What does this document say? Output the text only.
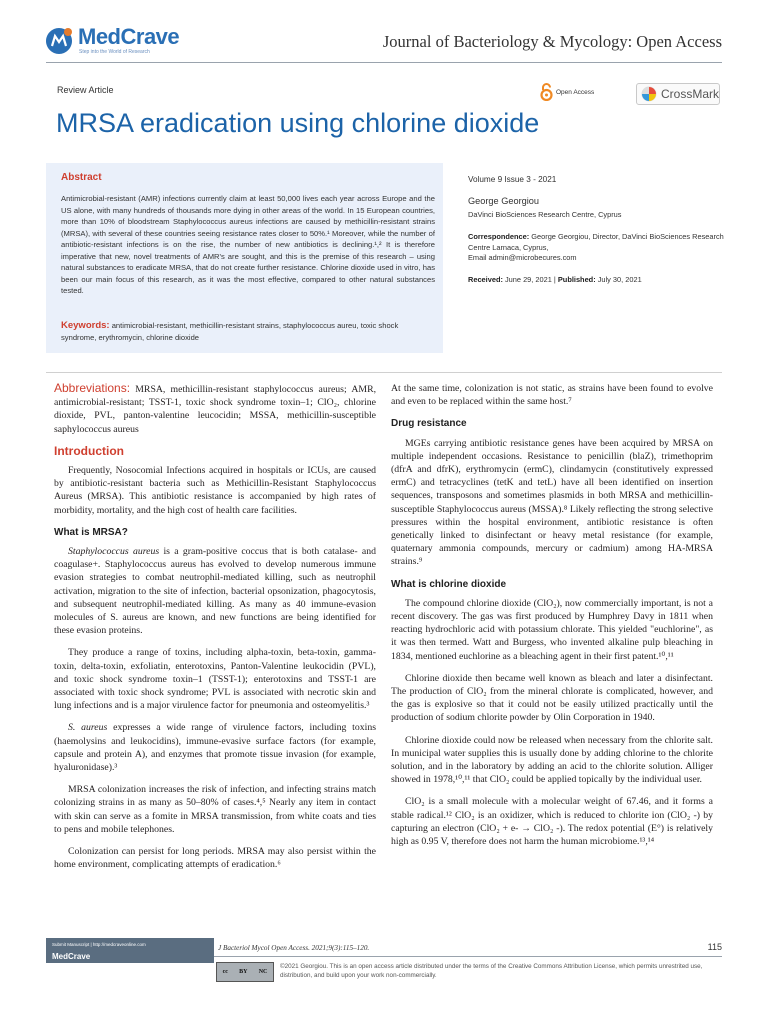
MedCrave
Step into the World of Research
Journal of Bacteriology & Mycology: Open Access
Review Article	Open Access	CrossMark
MRSA eradication using chlorine dioxide
Abstract
Antimicrobial-resistant (AMR) infections currently claim at least 50,000 lives each year across Europe and the US alone, with many hundreds of thousands more dying in other areas of the world. In 15 European countries, more than 10% of bloodstream Staphylococcus aureus infections are caused by methicillin-resistant strains (MRSA), with several of these countries seeing resistance rates closer to 50%.¹ Moreover, while the number of antibiotic-resistant infections is on the rise, the number of new antibiotics is declining.¹,² It is therefore imperative that new, novel treatments of AMR's are sought, and this is the premise of this research – using natural substances to eradicate MRSA, that do not create further resistance. Chlorine dioxide used in vitro, has been our main focus of this research, as it was the most effective, compared to other natural substances tested.
Keywords: antimicrobial-resistant, methicillin-resistant strains, staphylococcus aureu, toxic shock syndrome, erythromycin, chlorine dioxide
Volume 9 Issue 3 - 2021
George Georgiou
DaVinci BioSciences Research Centre, Cyprus
Correspondence: George Georgiou, Director, DaVinci BioSciences Research Centre Larnaca, Cyprus,
Email admin@microbecures.com
Received: June 29, 2021 | Published: July 30, 2021

Abbreviations: MRSA, methicillin-resistant staphylococcus aureus; AMR, antimicrobial-resistant; TSST-1, toxic shock syndrome toxin–1; ClO₂, chlorine dioxide, PVL, panton-valentine leucocidin; MSSA, methicillin-susceptible saphylococcus aureus

Introduction

Frequently, Nosocomial Infections acquired in hospitals or ICUs, are caused by antibiotic-resistant bacteria such as Methicillin-Resistant Staphylococcus Aureus (MRSA). This antibiotic resistance is accompanied by high rates of morbidity, mortality, and the high cost of health care facilities.

What is MRSA?

Staphylococcus aureus is a gram-positive coccus that is both catalase- and coagulase+. Staphylococcus aureus has evolved to develop numerous immune evasion strategies to combat neutrophil-mediated killing, such as neutrophil activation, migration to the site of infection, bacterial opsonization, phagocytosis, and subsequent neutrophil-mediated killing. As many as 40 immune-evasion molecules of S. aureus are known, and new functions are being identified for these evasion proteins.

They produce a range of toxins, including alpha-toxin, beta-toxin, gamma-toxin, delta-toxin, exfoliatin, enterotoxins, Panton-Valentine leukocidin (PVL), and toxic shock syndrome toxin–1 (TSST-1); enterotoxins and TSST-1 are associated with toxic shock syndrome; PVL is associated with necrotic skin and lung infections and is a major virulence factor for pneumonia and osteomyelitis.³

S. aureus expresses a wide range of virulence factors, including toxins (haemolysins and leukocidins), immune-evasive surface factors (for example, capsule and protein A), and enzymes that promote tissue invasion (for example, hyaluronidase).³

MRSA colonization increases the risk of infection, and infecting strains match colonizing strains in as many as 50–80% of cases.⁴,⁵ Nearly any item in contact with skin can serve as a fomite in MRSA transmission, from white coats and ties to pens and mobile telephones.

Colonization can persist for long periods. MRSA may also persist within the home environment, complicating attempts of eradication.⁶

At the same time, colonization is not static, as strains have been found to evolve and even to be replaced within the same host.⁷

Drug resistance

MGEs carrying antibiotic resistance genes have been acquired by MRSA on multiple independent occasions. Resistance to penicillin (blaZ), trimethoprim (dfrA and dfrK), erythromycin (ermC), clindamycin (constitutively expressed ermC) and tetracyclines (tetK and tetL) have all been identified on insertion sequences, transposons and sometimes plasmids in both MRSA and methicillin-susceptible Staphylococcus aureus (MSSA).⁸ Likely reflecting the strong selective pressures within the hospital environment, antibiotic resistance is often genetically linked to disinfectant or heavy metal resistance (for example, quaternary ammonia compounds, mercury or cadmium) among HA-MRSA strains.⁹

What is chlorine dioxide

The compound chlorine dioxide (ClO₂), now commercially important, is not a recent discovery. The gas was first produced by Humphrey Davy in 1811 when reacting hydrochloric acid with potassium chlorate. This yielded "euchlorine", as it was then termed. Watt and Burgess, who invented alkaline pulp bleaching in 1834, mentioned euchlorine as a bleaching agent in their first patent.¹⁰,¹¹

Chlorine dioxide then became well known as bleach and later a disinfectant. The production of ClO₂ from the mineral chlorate is complicated, however, and the gas is explosive so that it could not be easily utilized practically until the production of sodium chlorite powder by Olin Corporation in 1940.

Chlorine dioxide could now be released when necessary from the chlorite salt. In municipal water supplies this is usually done by adding chlorine to the chlorite solution, and in the laboratory by adding an acid to the chlorite solution. Alliger showed in 1978,¹⁰,¹¹ that ClO₂ could be applied topically by the individual user.

ClO₂ is a small molecule with a molecular weight of 67.46, and it forms a stable radical.¹² ClO₂ is an oxidizer, which is reduced to chlorite ion (ClO₂ -) by capturing an electron (ClO₂ + e- → ClO₂ -). The redox potential (E°) is relatively high as 0.95 V, therefore does not harm the human microbiome.¹³,¹⁴

Submit Manuscript | http://medcraveonline.com
MedCrave
J Bacteriol Mycol Open Access. 2021;9(3):115‒120.	115
cc BY NC
©2021 Georgiou. This is an open access article distributed under the terms of the Creative Commons Attribution License, which permits unrestrited use, distribution, and build upon your work non-commercially.
